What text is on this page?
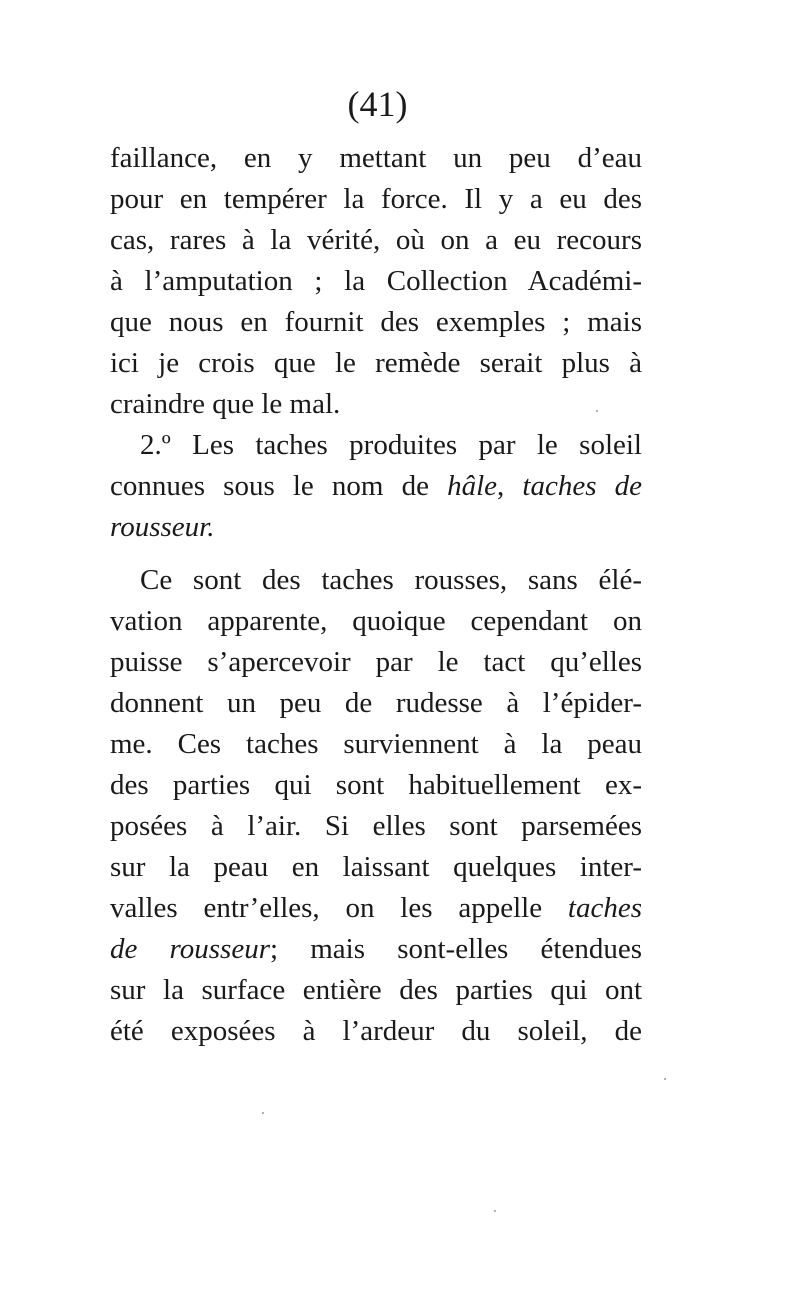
(41)
faillance, en y mettant un peu d’eau
pour en tempérer la force. Il y a eu des
cas, rares à la vérité, où on a eu recours
à l’amputation ; la Collection Académi-
que nous en fournit des exemples ; mais
ici je crois que le remède serait plus à
craindre que le mal.
2.º Les taches produites par le soleil
connues sous le nom de hâle, taches de
rousseur.
Ce sont des taches rousses, sans élé-
vation apparente, quoique cependant on
puisse s’apercevoir par le tact qu’elles
donnent un peu de rudesse à l’épider-
me. Ces taches surviennent à la peau
des parties qui sont habituellement ex-
posées à l’air. Si elles sont parsemées
sur la peau en laissant quelques inter-
valles entr’elles, on les appelle taches
de rousseur; mais sont-elles étendues
sur la surface entière des parties qui ont
été exposées à l’ardeur du soleil, de
